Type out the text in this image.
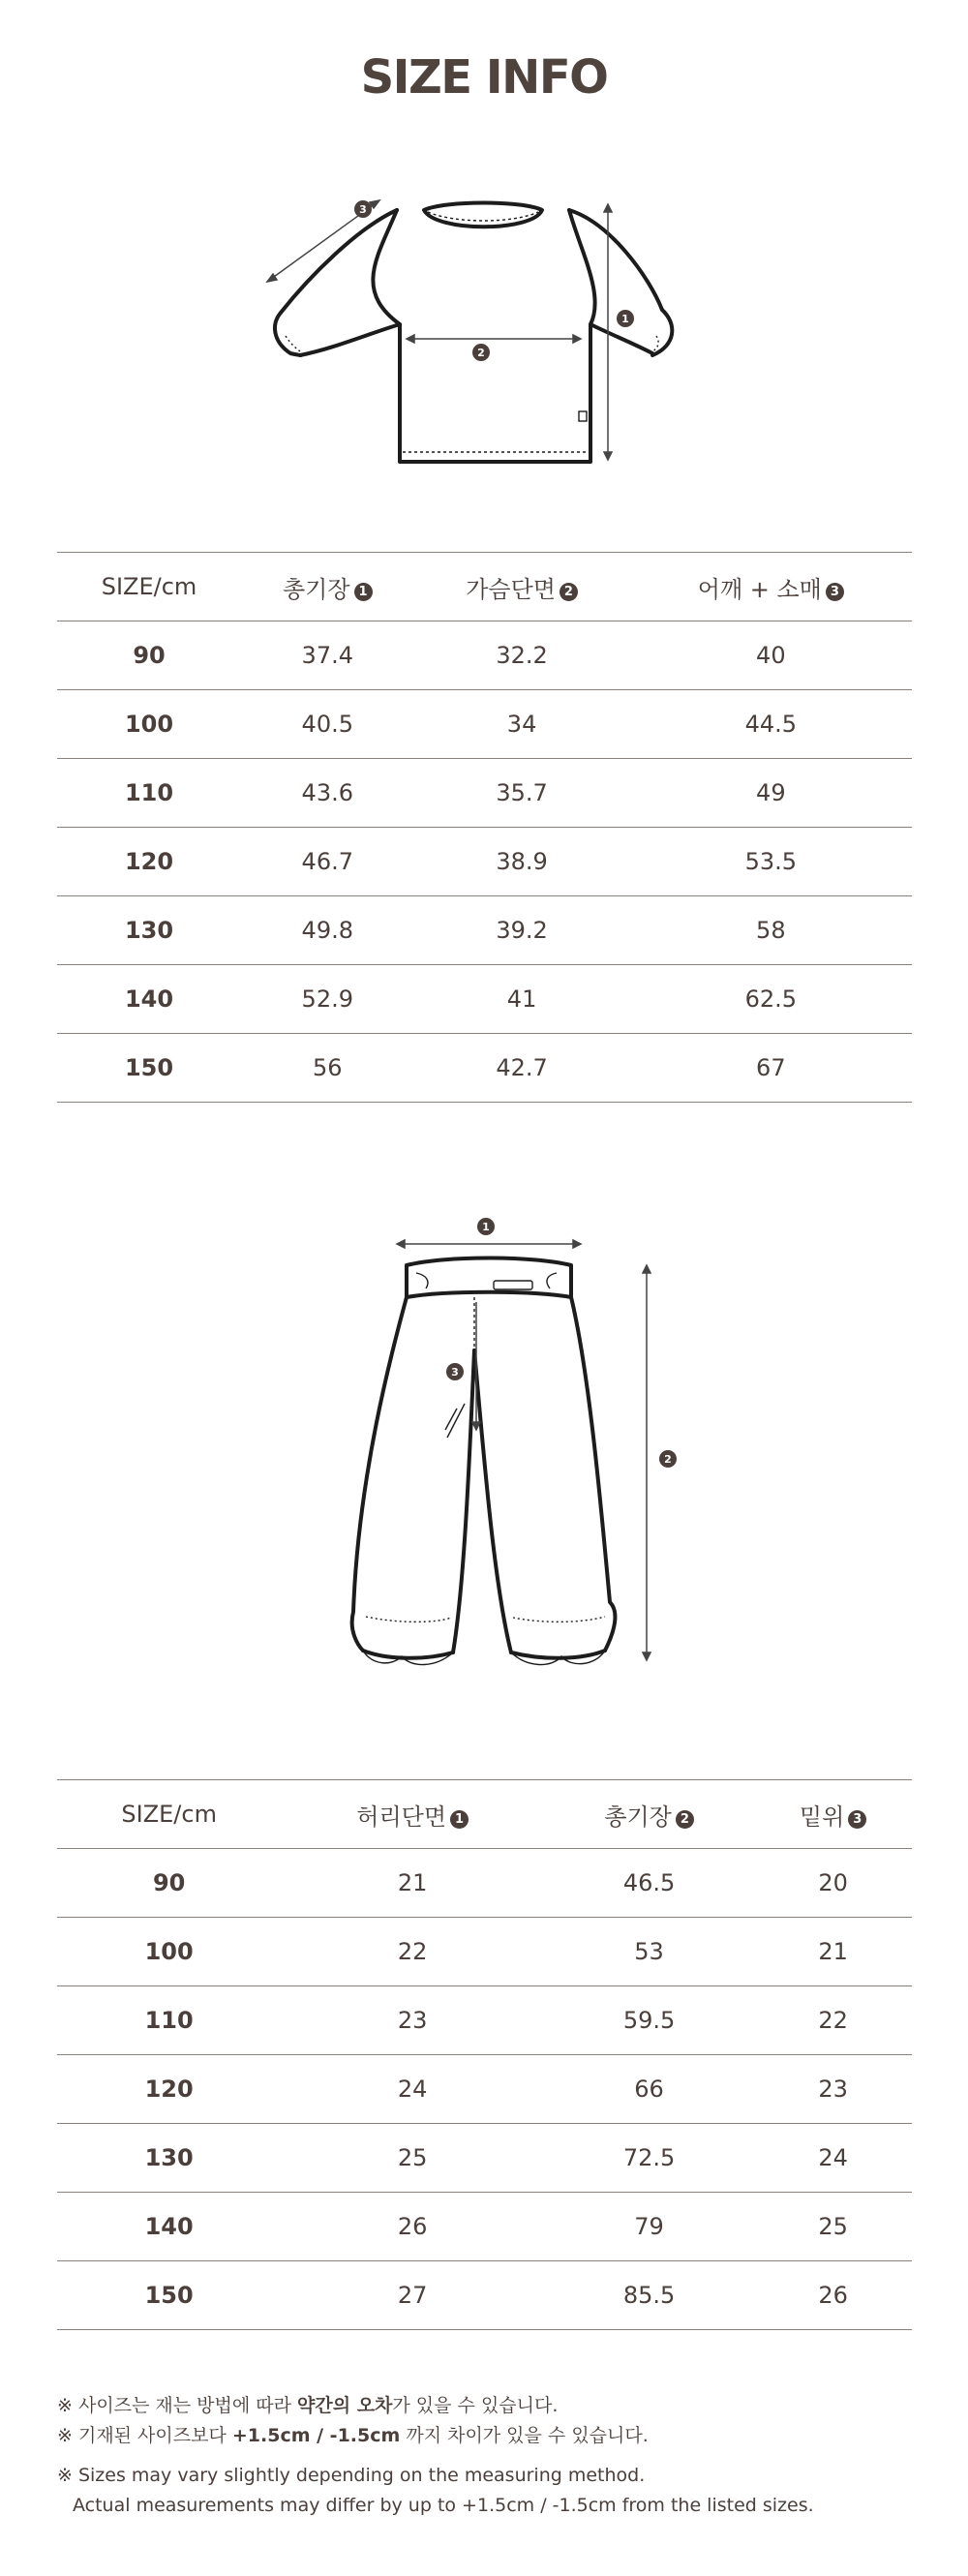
SIZE INFO
3
2
1
SIZE/cm	총기장 1	가슴단면 2	어깨 + 소매 3
90	37.4	32.2	40
100	40.5	34	44.5
110	43.6	35.7	49
120	46.7	38.9	53.5
130	49.8	39.2	58
140	52.9	41	62.5
150	56	42.7	67
1
2
3
SIZE/cm	허리단면 1	총기장 2	밑위 3
90	21	46.5	20
100	22	53	21
110	23	59.5	22
120	24	66	23
130	25	72.5	24
140	26	79	25
150	27	85.5	26
※ 사이즈는 재는 방법에 따라 약간의 오차가 있을 수 있습니다.
※ 기재된 사이즈보다 +1.5cm / -1.5cm 까지 차이가 있을 수 있습니다.
※ Sizes may vary slightly depending on the measuring method.
Actual measurements may differ by up to +1.5cm / -1.5cm from the listed sizes.
